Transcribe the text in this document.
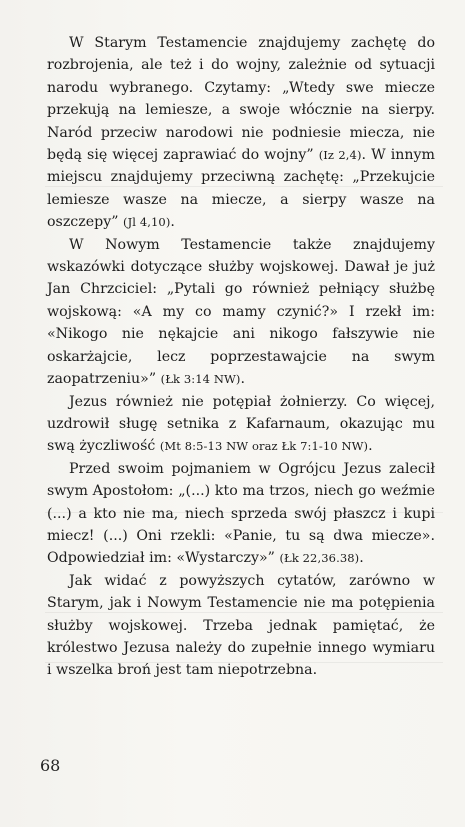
W Starym Testamencie znajdujemy zachętę do rozbrojenia, ale też i do wojny, zależnie od sytuacji narodu wybranego. Czytamy: „Wtedy swe miecze przekują na lemiesze, a swoje włócznie na sierpy. Naród przeciw narodowi nie podniesie miecza, nie będą się więcej zaprawiać do wojny” (Iz 2,4). W innym miejscu znajdujemy przeciwną zachętę: „Przekujcie lemiesze wasze na miecze, a sierpy wasze na oszczepy” (Jl 4,10).

W Nowym Testamencie także znajdujemy wskazówki dotyczące służby wojskowej. Dawał je już Jan Chrzciciel: „Pytali go również pełniący służbę wojskową: «A my co mamy czynić?» I rzekł im: «Nikogo nie nękajcie ani nikogo fałszywie nie oskarżajcie, lecz poprzestawajcie na swym zaopatrzeniu»” (Łk 3:14 NW).

Jezus również nie potępiał żołnierzy. Co więcej, uzdrowił sługę setnika z Kafarnaum, okazując mu swą życzliwość (Mt 8:5-13 NW oraz Łk 7:1-10 NW).

Przed swoim pojmaniem w Ogrójcu Jezus zalecił swym Apostołom: „(...) kto ma trzos, niech go weźmie (...) a kto nie ma, niech sprzeda swój płaszcz i kupi miecz! (...) Oni rzekli: «Panie, tu są dwa miecze». Odpowiedział im: «Wystarczy»” (Łk 22,36.38).

Jak widać z powyższych cytatów, zarówno w Starym, jak i Nowym Testamencie nie ma potępienia służby wojskowej. Trzeba jednak pamiętać, że królestwo Jezusa należy do zupełnie innego wymiaru i wszelka broń jest tam niepotrzebna.

68
